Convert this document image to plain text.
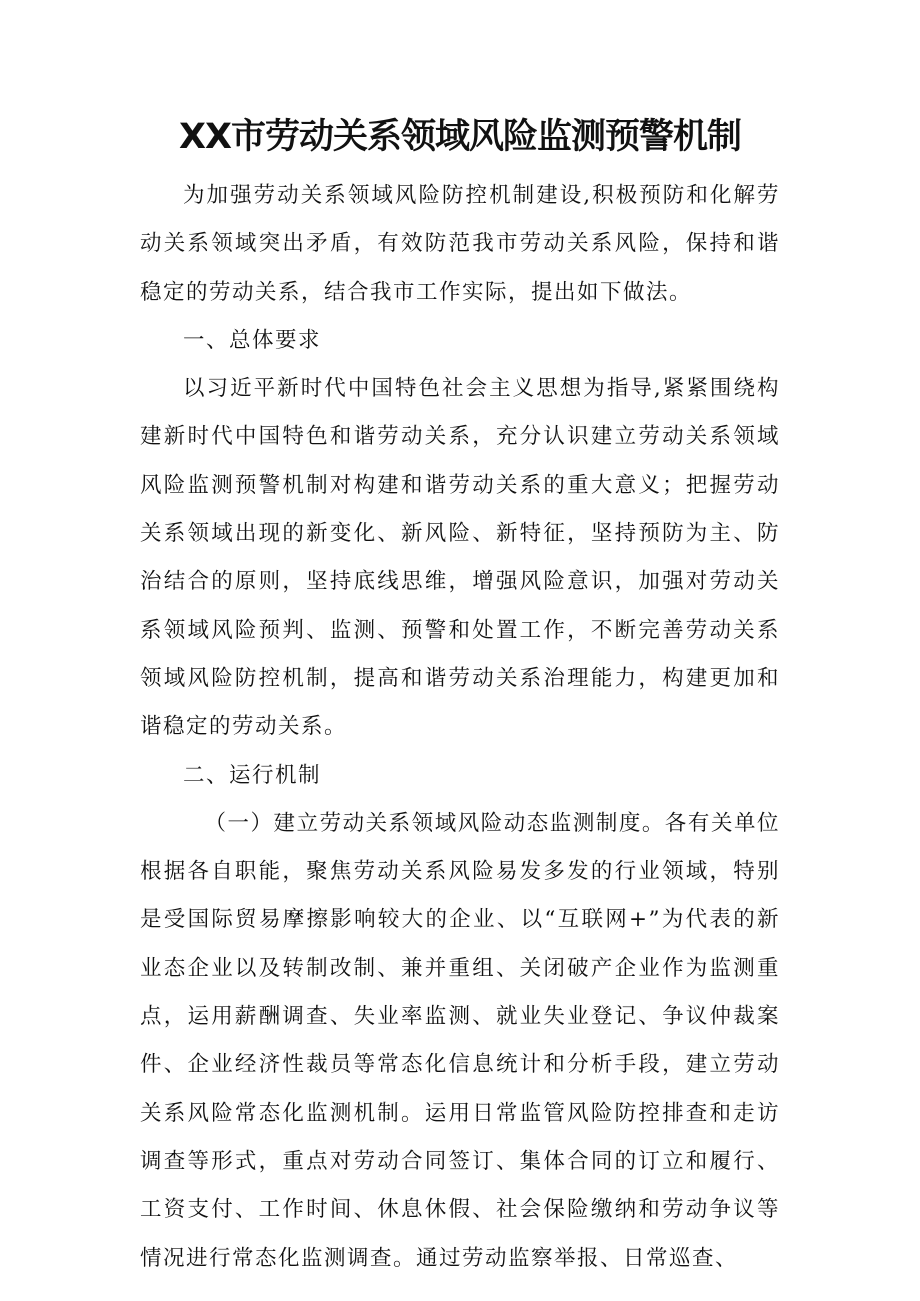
XX市劳动关系领域风险监测预警机制

为加强劳动关系领域风险防控机制建设,积极预防和化解劳动关系领域突出矛盾，有效防范我市劳动关系风险，保持和谐稳定的劳动关系，结合我市工作实际，提出如下做法。

一、总体要求

以习近平新时代中国特色社会主义思想为指导,紧紧围绕构建新时代中国特色和谐劳动关系，充分认识建立劳动关系领域风险监测预警机制对构建和谐劳动关系的重大意义；把握劳动关系领域出现的新变化、新风险、新特征，坚持预防为主、防治结合的原则，坚持底线思维，增强风险意识，加强对劳动关系领域风险预判、监测、预警和处置工作，不断完善劳动关系领域风险防控机制，提高和谐劳动关系治理能力，构建更加和谐稳定的劳动关系。

二、运行机制

（一）建立劳动关系领域风险动态监测制度。各有关单位根据各自职能，聚焦劳动关系风险易发多发的行业领域，特别是受国际贸易摩擦影响较大的企业、以“互联网+”为代表的新业态企业以及转制改制、兼并重组、关闭破产企业作为监测重点，运用薪酬调查、失业率监测、就业失业登记、争议仲裁案件、企业经济性裁员等常态化信息统计和分析手段，建立劳动关系风险常态化监测机制。运用日常监管风险防控排查和走访调查等形式，重点对劳动合同签订、集体合同的订立和履行、工资支付、工作时间、休息休假、社会保险缴纳和劳动争议等情况进行常态化监测调查。通过劳动监察举报、日常巡查、
